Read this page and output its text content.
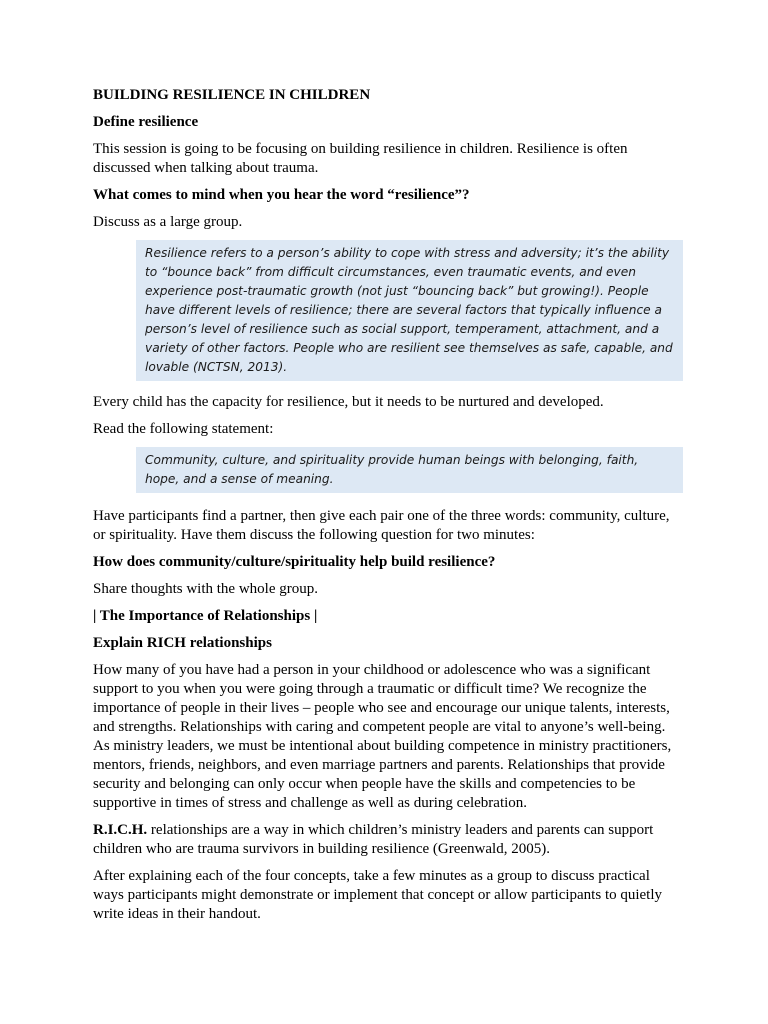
BUILDING RESILIENCE IN CHILDREN
Define resilience
This session is going to be focusing on building resilience in children. Resilience is often discussed when talking about trauma.
What comes to mind when you hear the word “resilience”?
Discuss as a large group.
Resilience refers to a person’s ability to cope with stress and adversity; it’s the ability to “bounce back” from difficult circumstances, even traumatic events, and even experience post-traumatic growth (not just “bouncing back” but growing!). People have different levels of resilience; there are several factors that typically influence a person’s level of resilience such as social support, temperament, attachment, and a variety of other factors. People who are resilient see themselves as safe, capable, and lovable (NCTSN, 2013).
Every child has the capacity for resilience, but it needs to be nurtured and developed.
Read the following statement:
Community, culture, and spirituality provide human beings with belonging, faith, hope, and a sense of meaning.
Have participants find a partner, then give each pair one of the three words: community, culture, or spirituality. Have them discuss the following question for two minutes:
How does community/culture/spirituality help build resilience?
Share thoughts with the whole group.
| The Importance of Relationships |
Explain RICH relationships
How many of you have had a person in your childhood or adolescence who was a significant support to you when you were going through a traumatic or difficult time? We recognize the importance of people in their lives – people who see and encourage our unique talents, interests, and strengths. Relationships with caring and competent people are vital to anyone’s well-being. As ministry leaders, we must be intentional about building competence in ministry practitioners, mentors, friends, neighbors, and even marriage partners and parents. Relationships that provide security and belonging can only occur when people have the skills and competencies to be supportive in times of stress and challenge as well as during celebration.
R.I.C.H. relationships are a way in which children’s ministry leaders and parents can support children who are trauma survivors in building resilience (Greenwald, 2005).
After explaining each of the four concepts, take a few minutes as a group to discuss practical ways participants might demonstrate or implement that concept or allow participants to quietly write ideas in their handout.
